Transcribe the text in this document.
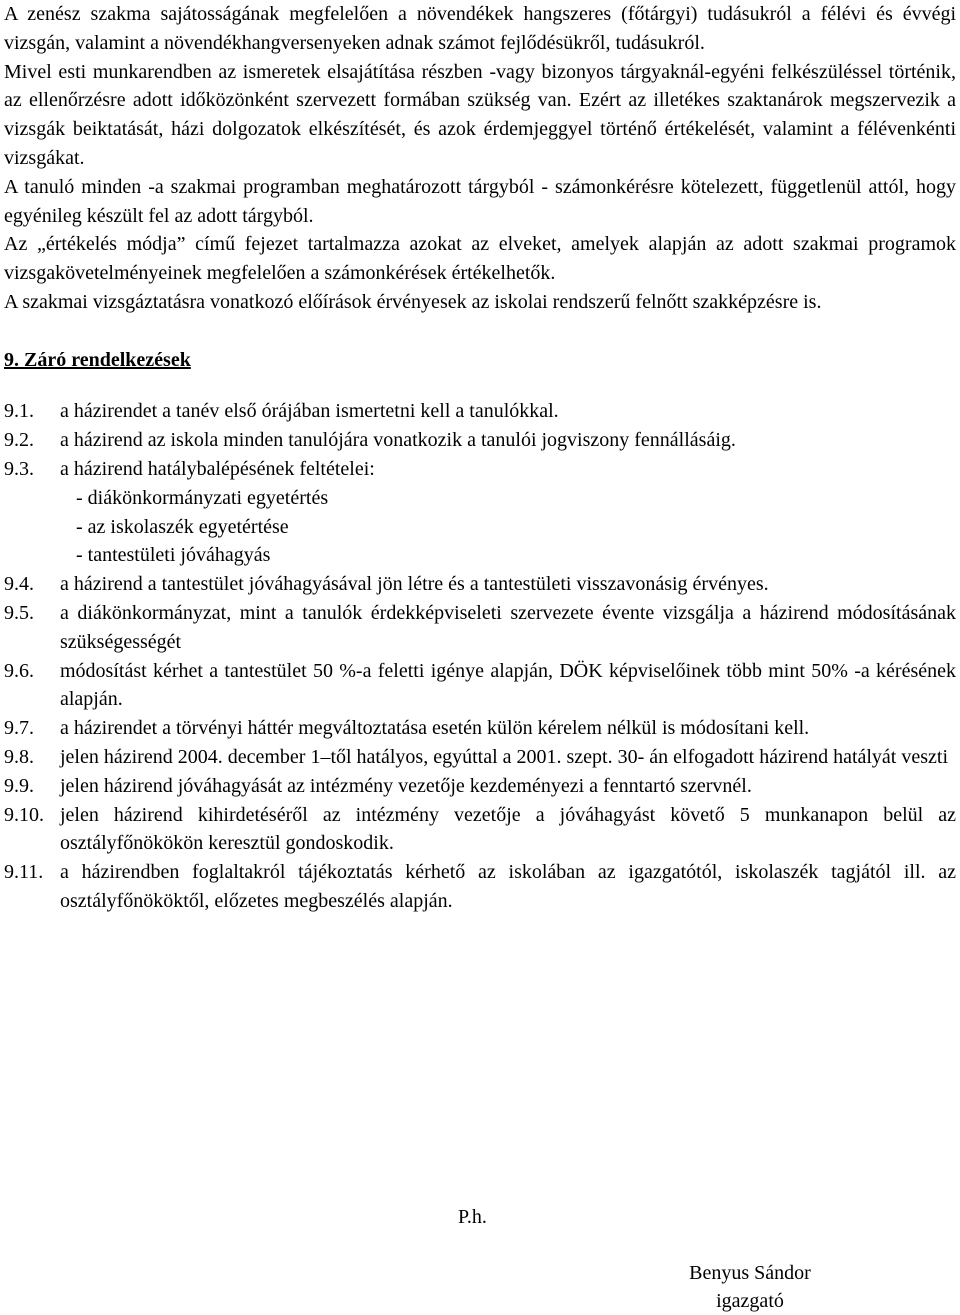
A zenész szakma sajátosságának megfelelően a növendékek hangszeres (főtárgyi) tudásukról a félévi és évvégi vizsgán, valamint a növendékhangversenyeken adnak számot fejlődésükről, tudásukról.

Mivel esti munkarendben az ismeretek elsajátítása részben -vagy bizonyos tárgyaknál-egyéni felkészüléssel történik, az ellenőrzésre adott időközönként szervezett formában szükség van. Ezért az illetékes szaktanárok megszervezik a vizsgák beiktatását, házi dolgozatok elkészítését, és azok érdemjeggyel történő értékelését, valamint a félévenkénti vizsgákat.

A tanuló minden -a szakmai programban meghatározott tárgyból - számonkérésre kötelezett, függetlenül attól, hogy egyénileg készült fel az adott tárgyból.

Az „értékelés módja” című fejezet tartalmazza azokat az elveket, amelyek alapján az adott szakmai programok vizsgakövetelményeinek megfelelően a számonkérések értékelhetők.

A szakmai vizsgáztatásra vonatkozó előírások érvényesek az iskolai rendszerű felnőtt szakképzésre is.

9. Záró rendelkezések

9.1.	a házirendet a tanév első órájában ismertetni kell a tanulókkal.
9.2.	a házirend az iskola minden tanulójára vonatkozik a tanulói jogviszony fennállásáig.
9.3.	a házirend hatálybalépésének feltételei:
- diákönkormányzati egyetértés
- az iskolaszék egyetértése
- tantestületi jóváhagyás
9.4.	a házirend a tantestület jóváhagyásával jön létre és a tantestületi visszavonásig érvényes.
9.5.	a diákönkormányzat, mint a tanulók érdekképviseleti szervezete évente vizsgálja a házirend módosításának szükségességét
9.6.	módosítást kérhet a tantestület 50 %-a feletti igénye alapján, DÖK képviselőinek több mint 50% -a kérésének alapján.
9.7.	a házirendet a törvényi háttér megváltoztatása esetén külön kérelem nélkül is módosítani kell.
9.8.	jelen házirend 2004. december 1–től hatályos, egyúttal a 2001. szept. 30- án elfogadott házirend hatályát veszti
9.9.	jelen házirend jóváhagyását az intézmény vezetője kezdeményezi a fenntartó szervnél.
9.10. jelen házirend kihirdetéséről az intézmény vezetője a jóváhagyást követő 5 munkanapon belül az osztályfőnökökön keresztül gondoskodik.
9.11. a házirendben foglaltakról tájékoztatás kérhető az iskolában az igazgatótól, iskolaszék tagjától ill. az osztályfőnököktől, előzetes megbeszélés alapján.
P.h.
Benyus Sándor
igazgató
